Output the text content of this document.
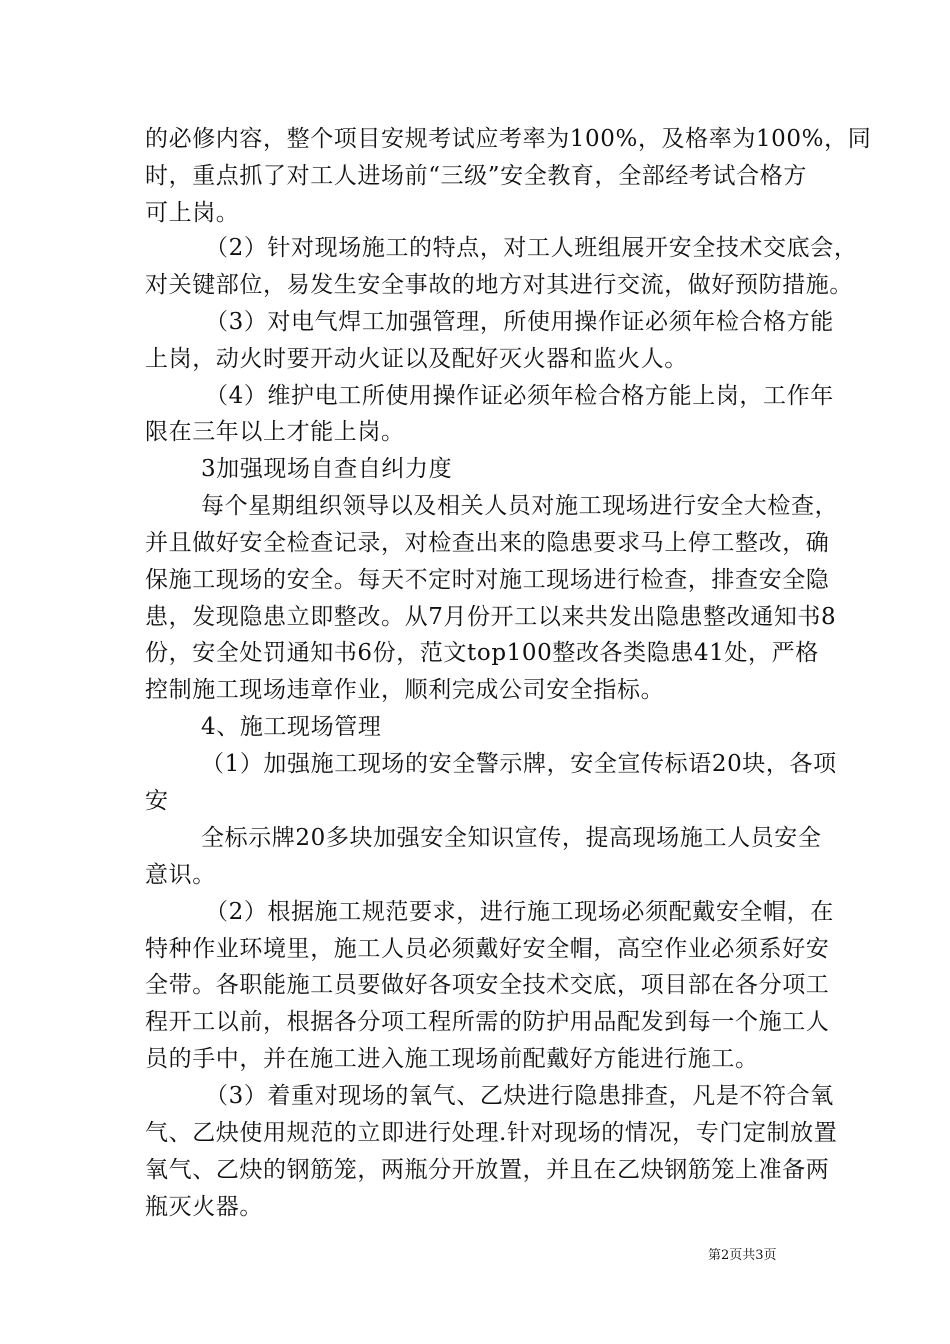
的必修内容，整个项目安规考试应考率为100%，及格率为100%，同
时，重点抓了对工人进场前“三级”安全教育，全部经考试合格方
可上岗。
（2）针对现场施工的特点，对工人班组展开安全技术交底会，
对关键部位，易发生安全事故的地方对其进行交流，做好预防措施。
（3）对电气焊工加强管理，所使用操作证必须年检合格方能
上岗，动火时要开动火证以及配好灭火器和监火人。
（4）维护电工所使用操作证必须年检合格方能上岗，工作年
限在三年以上才能上岗。
3加强现场自查自纠力度
每个星期组织领导以及相关人员对施工现场进行安全大检查，
并且做好安全检查记录，对检查出来的隐患要求马上停工整改，确
保施工现场的安全。每天不定时对施工现场进行检查，排查安全隐
患，发现隐患立即整改。从7月份开工以来共发出隐患整改通知书8
份，安全处罚通知书6份，范文top100整改各类隐患41处，严格
控制施工现场违章作业，顺利完成公司安全指标。
4、施工现场管理
（1）加强施工现场的安全警示牌，安全宣传标语20块，各项
安
全标示牌20多块加强安全知识宣传，提高现场施工人员安全
意识。
（2）根据施工规范要求，进行施工现场必须配戴安全帽，在
特种作业环境里，施工人员必须戴好安全帽，高空作业必须系好安
全带。各职能施工员要做好各项安全技术交底，项目部在各分项工
程开工以前，根据各分项工程所需的防护用品配发到每一个施工人
员的手中，并在施工进入施工现场前配戴好方能进行施工。
（3）着重对现场的氧气、乙炔进行隐患排查，凡是不符合氧
气、乙炔使用规范的立即进行处理.针对现场的情况，专门定制放置
氧气、乙炔的钢筋笼，两瓶分开放置，并且在乙炔钢筋笼上准备两
瓶灭火器。
第2页共3页
